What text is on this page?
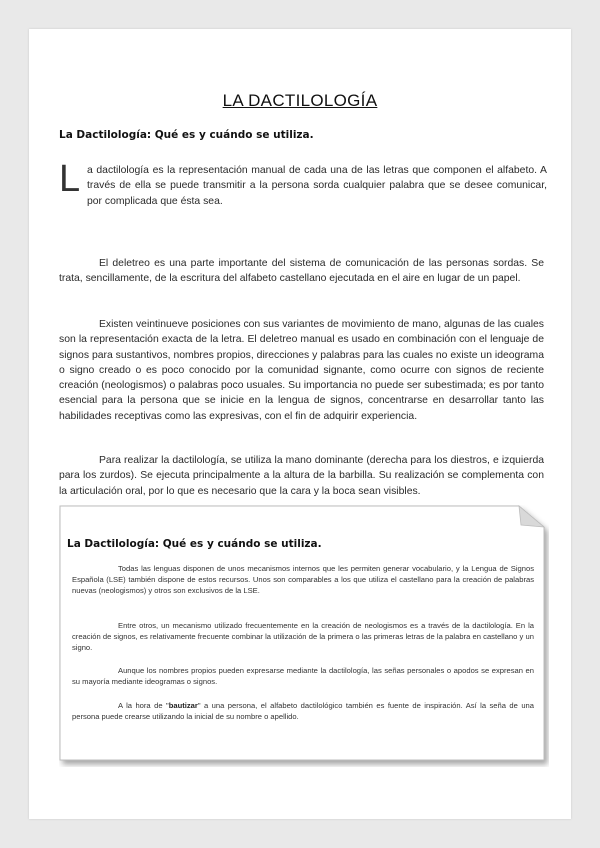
LA DACTILOLOGÍA
La Dactilología: Qué es y cuándo se utiliza.
L a dactilología es la representación manual de cada una de las letras que componen el alfabeto. A través de ella se puede transmitir a la persona sorda cualquier palabra que se desee comunicar, por complicada que ésta sea.

El deletreo es una parte importante del sistema de comunicación de las personas sordas. Se trata, sencillamente, de la escritura del alfabeto castellano ejecutada en el aire en lugar de un papel.

Existen veintinueve posiciones con sus variantes de movimiento de mano, algunas de las cuales son la representación exacta de la letra. El deletreo manual es usado en combinación con el lenguaje de signos para sustantivos, nombres propios, direcciones y palabras para las cuales no existe un ideograma o signo creado o es poco conocido por la comunidad signante, como ocurre con signos de reciente creación (neologismos) o palabras poco usuales. Su importancia no puede ser subestimada; es por tanto esencial para la persona que se inicie en la lengua de signos, concentrarse en desarrollar tanto las habilidades receptivas como las expresivas, con el fin de adquirir experiencia.

Para realizar la dactilología, se utiliza la mano dominante (derecha para los diestros, e izquierda para los zurdos). Se ejecuta principalmente a la altura de la barbilla. Su realización se complementa con la articulación oral, por lo que es necesario que la cara y la boca sean visibles.

La Dactilología: Qué es y cuándo se utiliza.

Todas las lenguas disponen de unos mecanismos internos que les permiten generar vocabulario, y la Lengua de Signos Española (LSE) también dispone de estos recursos. Unos son comparables a los que utiliza el castellano para la creación de palabras nuevas (neologismos) y otros son exclusivos de la LSE.

Entre otros, un mecanismo utilizado frecuentemente en la creación de neologismos es a través de la dactilología. En la creación de signos, es relativamente frecuente combinar la utilización de la primera o las primeras letras de la palabra en castellano y un signo.

Aunque los nombres propios pueden expresarse mediante la dactilología, las señas personales o apodos se expresan en su mayoría mediante ideogramas o signos.

A la hora de "bautizar" a una persona, el alfabeto dactilológico también es fuente de inspiración. Así la seña de una persona puede crearse utilizando la inicial de su nombre o apellido.
